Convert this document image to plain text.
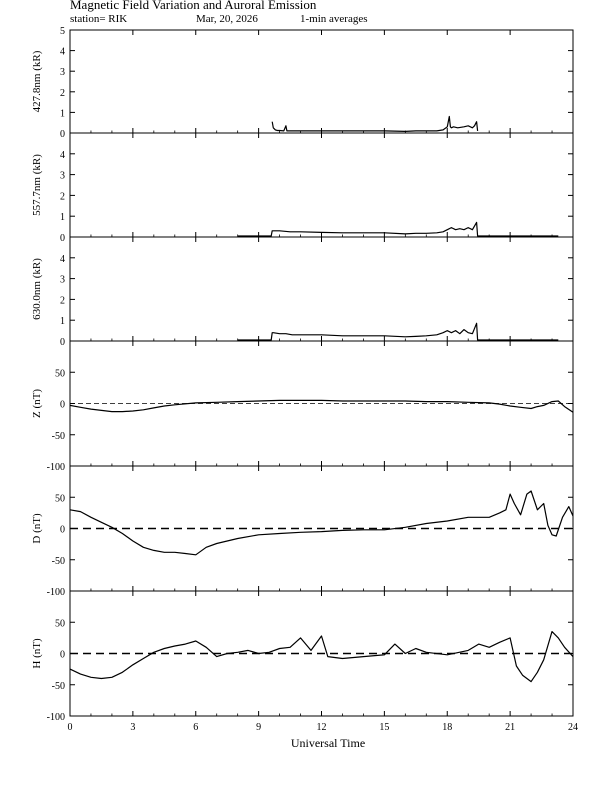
Magnetic Field Variation and Auroral Emission
station= RIK	Mar, 20, 2026	1-min averages
0
1
2
3
4
5
427.8nm (kR)
0
1
2
3
4
557.7nm (kR)
0
1
2
3
4
630.0nm (kR)
-100
-50
0
50
Z (nT)
-100
-50
0
50
D (nT)
-100
-50
0
50
H (nT)
0	3	6	9	12	15	18	21	24
Universal Time
